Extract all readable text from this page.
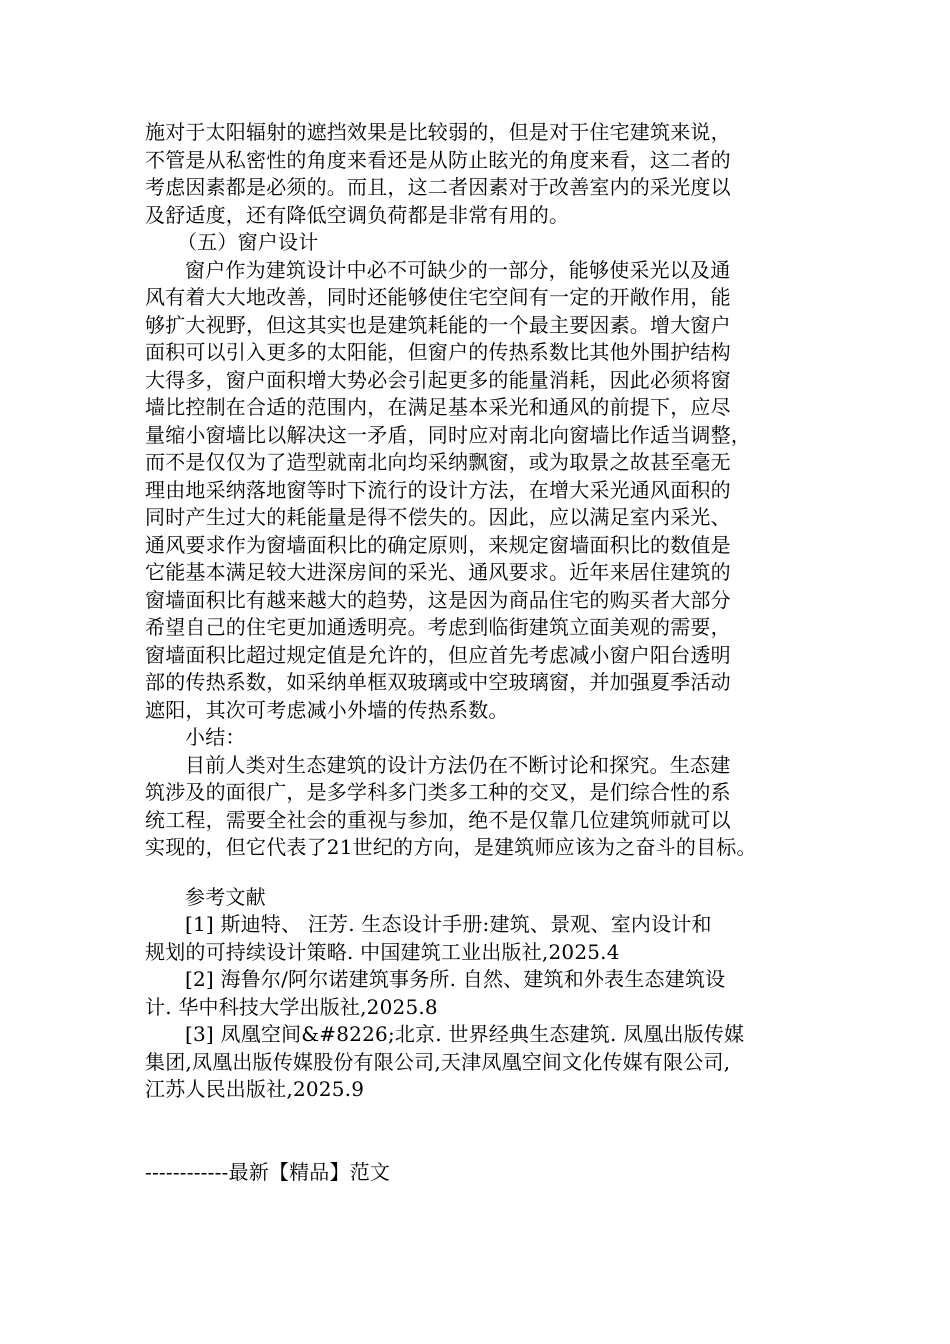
施对于太阳辐射的遮挡效果是比较弱的，但是对于住宅建筑来说，
不管是从私密性的角度来看还是从防止眩光的角度来看，这二者的
考虑因素都是必须的。而且，这二者因素对于改善室内的采光度以
及舒适度，还有降低空调负荷都是非常有用的。
（五）窗户设计
窗户作为建筑设计中必不可缺少的一部分，能够使采光以及通
风有着大大地改善，同时还能够使住宅空间有一定的开敞作用，能
够扩大视野，但这其实也是建筑耗能的一个最主要因素。增大窗户
面积可以引入更多的太阳能，但窗户的传热系数比其他外围护结构
大得多，窗户面积增大势必会引起更多的能量消耗，因此必须将窗
墙比控制在合适的范围内，在满足基本采光和通风的前提下，应尽
量缩小窗墙比以解决这一矛盾，同时应对南北向窗墙比作适当调整，
而不是仅仅为了造型就南北向均采纳飘窗，或为取景之故甚至毫无
理由地采纳落地窗等时下流行的设计方法，在增大采光通风面积的
同时产生过大的耗能量是得不偿失的。因此，应以满足室内采光、
通风要求作为窗墙面积比的确定原则，来规定窗墙面积比的数值是
它能基本满足较大进深房间的采光、通风要求。近年来居住建筑的
窗墙面积比有越来越大的趋势，这是因为商品住宅的购买者大部分
希望自己的住宅更加通透明亮。考虑到临街建筑立面美观的需要，
窗墙面积比超过规定值是允许的，但应首先考虑减小窗户阳台透明
部的传热系数，如采纳单框双玻璃或中空玻璃窗，并加强夏季活动
遮阳，其次可考虑减小外墙的传热系数。
小结：
目前人类对生态建筑的设计方法仍在不断讨论和探究。生态建
筑涉及的面很广，是多学科多门类多工种的交叉，是们综合性的系
统工程，需要全社会的重视与参加，绝不是仅靠几位建筑师就可以
实现的，但它代表了21世纪的方向，是建筑师应该为之奋斗的目标。
参考文献
[1] 斯迪特、 汪芳. 生态设计手册:建筑、景观、室内设计和
规划的可持续设计策略. 中国建筑工业出版社,2025.4
[2] 海鲁尔/阿尔诺建筑事务所. 自然、建筑和外表生态建筑设
计. 华中科技大学出版社,2025.8
[3] 凤凰空间&#8226;北京. 世界经典生态建筑. 凤凰出版传媒
集团,凤凰出版传媒股份有限公司,天津凤凰空间文化传媒有限公司,
江苏人民出版社,2025.9
------------最新【精品】范文
